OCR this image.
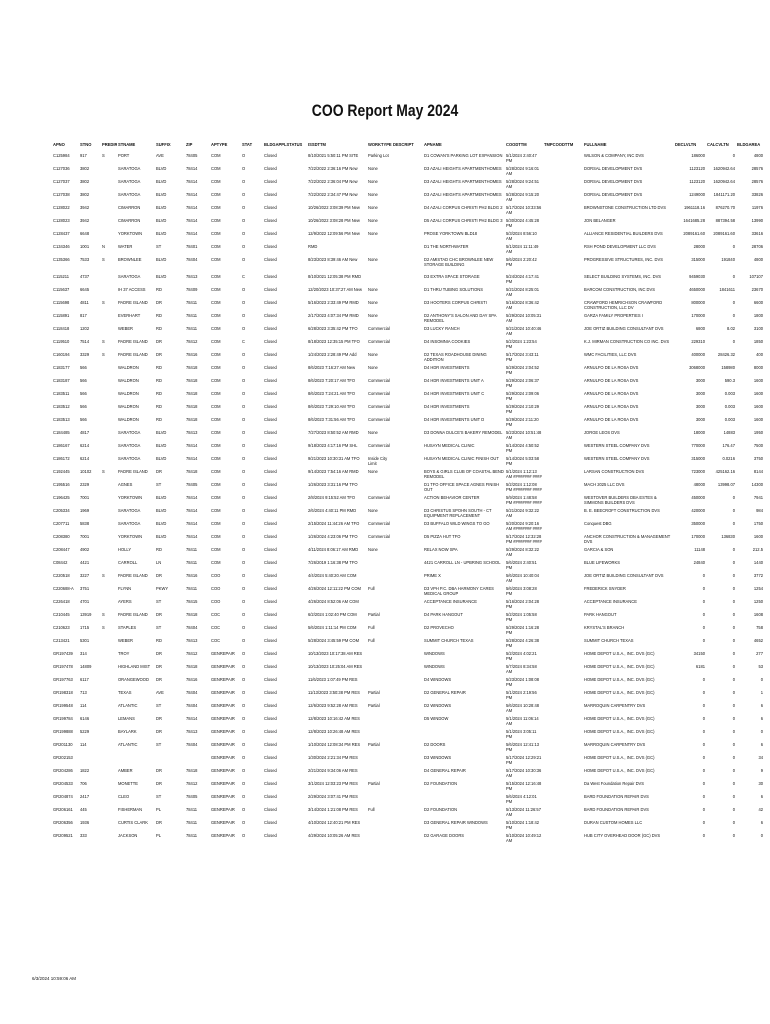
COO Report May 2024
APNO	STNO	PREDIR	STNAME	SUFFIX	ZIP	APTYPE	STAT	BLDGAPPLSTATUS	ISSDTTM	WORKTYPE	DESCRIPT	APNAME	COODTTM	TMPCOODTTM	FULLNAME	DECLVLTN	CALCVLTN	BLDGAREA
C125984	917	S	PORT	AVE	78405	COM	O	Closed	8/10/2021 5:50:11 PM SITE	Parking Lot		D1 COWAN'S PARKING LOT EXPANSION	5/1/2024 2:40:47 PM		WILSON & COMPANY, INC DVS	186000	0	4800
C127036	3802		SARATOGA	BLVD	78414	COM	O	Closed	7/22/2022 2:36:16 PM New	None		D3 AZALI HEIGHTS APARTMENTHOMES	5/28/2024 9:16:01 AM		DORSAL DEVELOPMENT DVS	1123120	1620942.64	28576
C127037	3802		SARATOGA	BLVD	78414	COM	O	Closed	7/22/2022 2:36:04 PM New	None		D3 AZALI HEIGHTS APARTMENTHOMES	5/28/2024 9:24:51 AM		DORSAL DEVELOPMENT DVS	1123120	1620942.64	28576
C127038	3802		SARATOGA	BLVD	78414	COM	O	Closed	7/22/2022 2:34:47 PM New	None		D3 AZALI HEIGHTS APARTMENTHOMES	5/28/2024 9:15:20 AM		DORSAL DEVELOPMENT DVS	1249000	1841171.20	33826
C128022	3942		CIMARRON	BLVD	78414	COM	O	Closed	10/26/2022 3:08:39 PM New	None		D4 AZALI CORPUS CHRISTI PH2 BLDG 2	5/17/2024 10:33:56 AM		BROWNSTONE CONSTRUCTION LTD DVS	1961118.16	876270.70	11976
C128023	3942		CIMARRON	BLVD	78414	COM	O	Closed	10/26/2022 3:08:28 PM New	None		D5 AZALI CORPUS CHRISTI PH2 BLDG 3	5/30/2024 4:45:28 PM		JON BELANGER	1641685.28	887394.58	13990
C128437	6648		YORKTOWN	BLVD	78414	COM	O	Closed	12/9/2022 12:09:56 PM New	None		PROSE YORKTOWN BLD18	5/3/2024 8:56:10 AM		ALLIANCE RESIDENTIAL BUILDERS DVS	2089161.60	2089161.60	33616
C134346	1001	N	WATER	ST	78401	COM	O	Closed	RMD			D1 THE NORTHWATER	5/1/2024 11:11:49 AM		RSH POND DEVELOPMENT LLC DVS	28000	0	28706
C135366	7533	S	BROWNLEE	BLVD	78404	COM	O	Closed	8/23/2023 8:39:46 AM New	None		D2 AMISTAD CHC BROWNLEE NEW STORAGE BUILDING	5/6/2024 2:20:42 PM		PROGRESSIVE STRUCTURES, INC. DVS	315000	191840	4800

C115211	4737		SARATOGA	BLVD	78413	COM	C	Closed	8/10/2021 12:05:38 PM RMD			D3 EXTRA SPACE STORAGE	5/24/2024 4:17:41 PM		SELECT BUILDING SYSTEMS, INC. DVS	9459030	0	107107
C115637	6645		IH 37 ACCESS	RD	78409	COM	O	Closed	12/20/2023 10:37:27 AM New	None		D1 THRU TUBING SOLUTIONS	5/21/2024 8:25:01 AM		BARCOM CONSTRUCTION, INC DVS	4650000	1841611	23670
C115698	4811	S	PADRE ISLAND	DR	78411	COM	O	Closed	5/16/2023 2:33:49 PM RMD	None		D3 HOOTERS CORPUS CHRISTI	5/16/2024 8:36:42 AM		CRAWFORD HEMRICHSON CRAWFORD CONSTRUCTION, LLC DV	800000	0	6600
C115891	817		EVERHART	RD	78411	COM	O	Closed	2/17/2023 4:07:34 PM RMD	None		D2 ANTHONY'S SALON AND DAY SPA REMODEL	5/29/2024 10:05:31 AM		GARZA FAMILY PROPERTIES I	170000	0	1800
C118418	1202		WEBER	RD	78411	COM	O	Closed	6/28/2023 3:35:42 PM TFO	Commercial		D3 LUCKY RANCH	5/21/2024 10:40:46 AM		JOE ORTIZ BUILDING CONSULTANT DVS	6800	8.02	3100
C119510	7514	S	PADRE ISLAND	DR	78412	COM	C	Closed	8/18/2023 12:35:15 PM TFO	Commercial		D4 INSOMNIA COOKIES	5/2/2024 1:23:54 PM		K.J. MIRMAN CONSTRUCTION CO INC. DVS	229310	0	1850
C160194	3329	S	PADRE ISLAND	DR	78416	COM	O	Closed	1/24/2023 2:28:49 PM Add	None		D2 TEXAS ROADHOUSE DINING ADDITION	5/17/2024 3:43:11 PM		WMC FACILITIES, LLC DVS	400000	28426.32	400
C183177	566		WALDRON	RD	78418	COM	O	Closed	8/6/2023 7:16:27 AM New	None		D4 HDR INVESTMENTS	5/29/2024 2:04:52 PM		ARNULFO DE LA ROSA DVS	3068000	158980	8000
C183187	566		WALDRON	RD	78418	COM	O	Closed	8/6/2023 7:20:17 AM TFO	Commercial		D4 HDR INVESTMENTS UNIT A	5/29/2024 2:06:37 PM		ARNULFO DE LA ROSA DVS	3000	590.3	1600
C183511	566		WALDRON	RD	78418	COM	O	Closed	8/6/2023 7:24:21 AM TFO	Commercial		D4 HDR INVESTMENTS UNIT C	5/29/2024 2:09:06 PM		ARNULFO DE LA ROSA DVS	3000	0.003	1600
C183512	566		WALDRON	RD	78418	COM	O	Closed	8/6/2023 7:29:10 AM TFO	Commercial		D4 HDR INVESTMENTS	5/29/2024 2:10:29 PM		ARNULFO DE LA ROSA DVS	3000	0.003	1600
C183513	566		WALDRON	RD	78418	COM	O	Closed	8/6/2023 7:31:56 AM TFO	Commercial		D4 HDR INVESTMENTS UNIT D	5/29/2024 2:11:20 PM		ARNULFO DE LA ROSA DVS	3000	0.003	1600
C184485	4817		SARATOGA	BLVD	78413	COM	O	Closed	7/27/2023 8:50:52 AM RMD	None		D3 DONNA DULCE'S BAKERY REMODEL	5/23/2024 10:51:48 AM		JORGE LEOS DVS	18000	14883	1950
C186167	6214		SARATOGA	BLVD	78414	COM	O	Closed	9/18/2023 4:17:16 PM SHL	Commercial		HUSAYN MEDICAL CLINIC	5/14/2024 4:50:52 PM		WESTERN STEEL COMPANY DVS	770000	176.47	7500
C186172	6214		SARATOGA	BLVD	78414	COM	O	Closed	9/21/2023 10:30:31 AM TFO	Inside City Limit		HUSAYN MEDICAL CLINIC FINISH OUT	5/14/2024 5:03:58 PM		WESTERN STEEL COMPANY DVS	315000	0.0216	3750
C192445	10102	S	PADRE ISLAND	DR	78418	COM	O	Closed	9/14/2023 7:54:16 AM RMD	None		BOYS & GIRLS CLUB OF COASTAL BEND REMODEL	5/1/2024 1:12:13 AM ######## ####		LARSAN CONSTRUCTION DVS	723000	425162.16	8144
C195516	2329		AGNES	ST	78405	COM	O	Closed	1/26/2023 3:31:16 PM TFO			D1 TFO OFFICE SPACE AGNES FINISH OUT	5/2/2024 1:12:08 PM ######## ####		MACH 2025 LLC DVS	48000	13998.07	14300
C196425	7001		YORKTOWN	BLVD	78414	COM	O	Closed	2/8/2024 9:15:52 AM TFO	Commercial		ACTION BEHAVIOR CENTER	5/9/2024 1:48:58 PM ######## ####		WESTOVER BUILDERS DBA ESTES & SIMMONS BUILDERS DVS	450000	0	7941
C205334	1969		SARATOGA	BLVD	78414	COM	O	Closed	2/6/2024 4:40:11 PM RMD	None		D3 CHRISTUS SPOHN SOUTH - CT EQUIPMENT REPLACEMENT	5/21/2024 9:32:22 AM		B. E. BEECROFT CONSTRUCTION DVS	420000	0	984
C207711	5838		SARATOGA	BLVD	78414	COM	O	Closed	2/15/2024 11:44:26 AM TFO	Commercial		D3 BUFFALO WILD WINGS TO GO	5/20/2024 9:20:16 AM ######## ####		Conquest DBG	350000	0	1750
C208380	7001		YORKTOWN	BLVD	78414	COM	O	Closed	1/26/2024 4:23:06 PM TFO	Commercial		D5 PIZZA HUT TFO	5/17/2024 12:32:28 PM ######## ####		ANCHOR CONSTRUCTION & MANAGEMENT DVS	170000	136830	1600
C208447	4902		HOLLY	RD	78411	COM	O	Closed	4/11/2024 8:06:17 AM RMD	None		RELAX NOW SPA	5/29/2024 8:32:22 AM		GARCIA & SON	11148	0	212.5
C08442	4421		CARROLL	LN	78411	COM	O	Closed	7/26/2019 1:16:38 PM TFO			4421 CARROLL LN - UPBRING SCHOOL	5/6/2024 2:40:51 PM		BLUE LIFEWORKS	24840	0	1440
C220518	3227	S	PADRE ISLAND	DR	78416	COO	O	Closed	4/4/2024 5:40:20 AM COM			PRIME X	5/6/2024 10:40:04 AM		JOE ORTIZ BUILDING CONSULTANT DVS	0	0	3772
C220688-A	3751		FLYNN	PKWY	78411	COO	O	Closed	4/26/2024 12:11:22 PM COM	Full		D3 VPH P.C. DBA HARMONY CARES MEDICAL GROUP	5/6/2024 3:08:28 PM		FREDERICK SNYDER	0	0	1254
C226418	4701		AYERS	ST	78415	COO	O	Closed	4/26/2024 8:52:06 AM COM			ACCEPTANCE INSURANCE	5/16/2024 2:04:28 PM		ACCEPTANCE INSURANCE	0	0	1250
C210445	13919	S	PADRE ISLAND	DR	78418	COC	O	Closed	6/2/2024 1:02:40 PM COM	Partial		D4 PARK HANGOUT	5/2/2024 1:05:58 PM		PARK HANGOUT	0	0	1608
C210623	1715	S	STAPLES	ST	78404	COC	O	Closed	5/6/2024 1:11:14 PM COM	Full		D2 PROVECHO	5/29/2024 1:16:28 PM		KRYSTAL'S BRANCH	0	0	758
C213421	5301		WEBER	RD	78413	COC	O	Closed	5/28/2024 3:45:59 PM COM	Full		SUMMIT CHURCH TEXAS	5/28/2024 4:26:38 PM		SUMMIT CHURCH TEXAS	0	0	4652
GR197439	314		TROY	DR	78412	GENREPAIR	O	Closed	10/13/2023 10:17:38 AM RES			WINDOWS	5/2/2024 4:02:21 PM		HOME DEPOT U.S.A., INC. DVS (GC)	34150	0	277
GR197478	14809		HIGHLAND MIST	DR	78418	GENREPAIR	O	Closed	10/13/2023 10:25:04 AM RES			WINDOWS	5/7/2024 8:34:58 AM		HOME DEPOT U.S.A., INC. DVS (GC)	6181	0	53
GR197763	6117		ORANGEWOOD	DR	78416	GENREPAIR	O	Closed	11/6/2023 1:07:49 PM RES			D4 WINDOWS	5/23/2024 1:08:08 PM		HOME DEPOT U.S.A., INC. DVS (GC)	0	0	0
GR198318	713		TEXAS	AVE	78404	GENREPAIR	O	Closed	11/13/2023 3:50:38 PM RES	Partial		D2 GENERAL REPAIR	5/1/2024 2:19:56 PM		HOME DEPOT U.S.A., INC. DVS (GC)	0	0	1
GR199548	114		ATLANTIC	ST	78404	GENREPAIR	O	Closed	12/6/2023 9:52:28 AM RES	Partial		D2 WINDOWS	5/6/2024 10:28:48 AM		MARROQUIN CARPENTRY DVS	0	0	6
GR199784	6146		LEMANS	DR	78414	GENREPAIR	O	Closed	12/8/2023 10:16:42 AM RES			D5 WINDOW	5/1/2024 11:06:14 AM		HOME DEPOT U.S.A., INC. DVS (GC)	0	0	6
GR199888	5229		BAYLARK	DR	78413	GENREPAIR	O	Closed	12/8/2023 10:26:48 AM RES				5/1/2024 3:05:11 PM		HOME DEPOT U.S.A., INC. DVS (GC)	0	0	0
GR201130	114		ATLANTIC	ST	78404	GENREPAIR	O	Closed	1/10/2024 12:08:34 PM RES	Partial		D2 DOORS	5/6/2024 12:41:13 PM		MARROQUIN CARPENTRY DVS	0	0	6
GR202153						GENREPAIR	O	Closed	1/30/2024 2:21:34 PM RES			D3 WINDOWS	5/17/2024 12:29:21 PM		HOME DEPOT U.S.A., INC. DVS (GC)	0	0	34
GR204286	1822		AMBER	DR	78418	GENREPAIR	O	Closed	2/21/2024 9:34:06 AM RES			D4 GENERAL REPAIR	5/17/2024 10:30:36 AM		HOME DEPOT U.S.A., INC. DVS (GC)	0	0	9
GR204533	706		MONETTE	DR	78412	GENREPAIR	O	Closed	3/1/2024 12:03:23 PM RES	Partial		D2 FOUNDATION	5/15/2024 12:16:48 PM		Da West Foundation Repair DVS	0	0	30
GR204874	2417		CLEO	ST	78405	GENREPAIR	O	Closed	2/29/2024 3:07:41 PM RES				5/6/2024 4:12:01 PM		BARD FOUNDATION REPAIR DVS	0	0	6
GR206161	445		FISHERMAN	PL	78411	GENREPAIR	O	Closed	3/14/2024 1:21:08 PM RES	Full		D2 FOUNDATION	5/13/2024 11:26:57 AM		BARD FOUNDATION REPAIR DVS	0	0	42
GR206356	1936		CURTIS CLARK	DR	78411	GENREPAIR	O	Closed	4/10/2024 12:40:21 PM RES			D3 GENERAL REPAIR WINDOWS	5/10/2024 1:18:42 PM		DURAN CUSTOM HOMES LLC	0	0	6
GR209521	333		JACKSON	PL	78411	GENREPAIR	O	Closed	4/29/2024 10:05:26 AM RES			D2 GARAGE DOORS	5/10/2024 10:49:12 AM		HUB CITY OVERHEAD DOOR (GC) DVS	0	0	0
6/3/2024 10:59:06 AM
